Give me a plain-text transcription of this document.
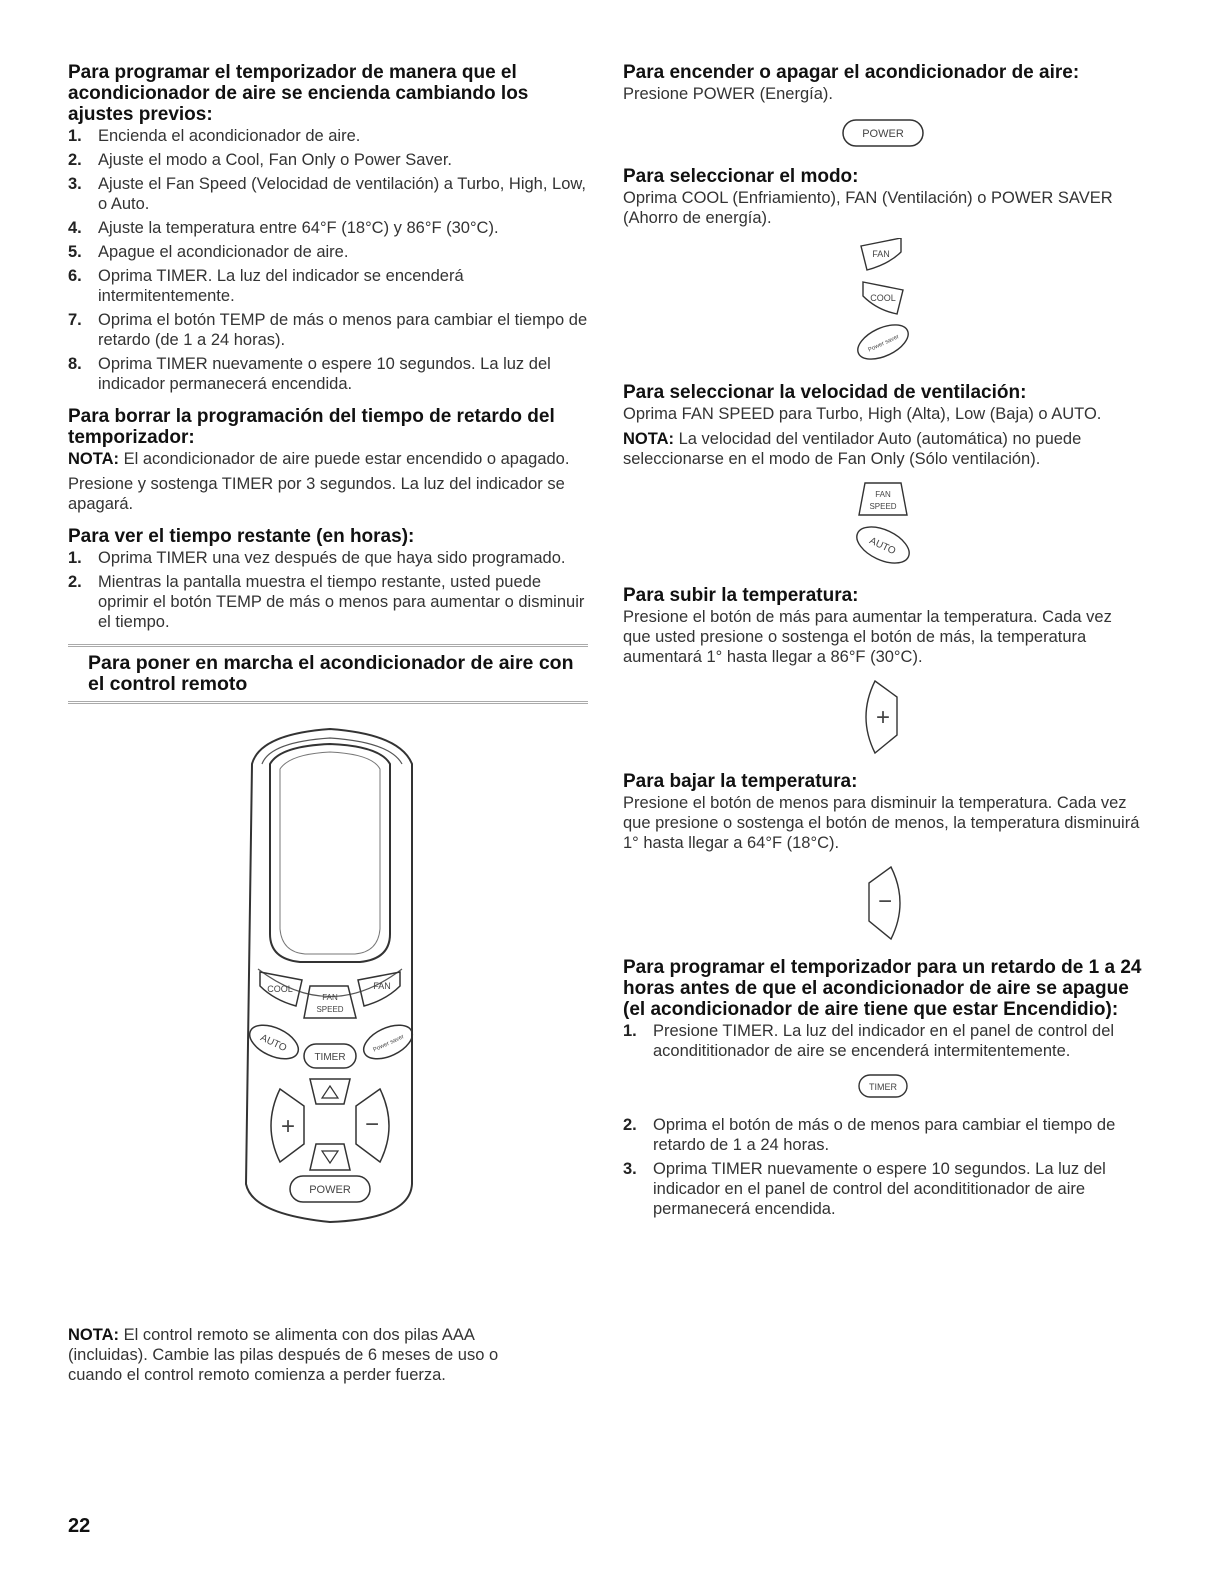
Para programar el temporizador de manera que el acondicionador de aire se encienda cambiando los ajustes previos:
1. Encienda el acondicionador de aire.
2. Ajuste el modo a Cool, Fan Only o Power Saver.
3. Ajuste el Fan Speed (Velocidad de ventilación) a Turbo, High, Low, o Auto.
4. Ajuste la temperatura entre 64°F (18°C) y 86°F (30°C).
5. Apague el acondicionador de aire.
6. Oprima TIMER. La luz del indicador se encenderá intermitentemente.
7. Oprima el botón TEMP de más o menos para cambiar el tiempo de retardo (de 1 a 24 horas).
8. Oprima TIMER nuevamente o espere 10 segundos. La luz del indicador permanecerá encendida.
Para borrar la programación del tiempo de retardo del temporizador:

NOTA: El acondicionador de aire puede estar encendido o apagado.

Presione y sostenga TIMER por 3 segundos. La luz del indicador se apagará.

Para ver el tiempo restante (en horas):
1. Oprima TIMER una vez después de que haya sido programado.
2. Mientras la pantalla muestra el tiempo restante, usted puede oprimir el botón TEMP de más o menos para aumentar o disminuir el tiempo.
Para poner en marcha el acondicionador de aire con el control remoto
COOL
FAN
SPEED
FAN
AUTO
TIMER
Power saver
+	−
POWER

NOTA: El control remoto se alimenta con dos pilas AAA (incluidas). Cambie las pilas después de 6 meses de uso o cuando el control remoto comienza a perder fuerza.

Para encender o apagar el acondicionador de aire:

Presione POWER (Energía).

POWER
Para seleccionar el modo:

Oprima COOL (Enfriamiento), FAN (Ventilación) o POWER SAVER (Ahorro de energía).

FAN
COOL
Power saver
Para seleccionar la velocidad de ventilación:

Oprima FAN SPEED para Turbo, High (Alta), Low (Baja) o AUTO.

NOTA: La velocidad del ventilador Auto (automática) no puede seleccionarse en el modo de Fan Only (Sólo ventilación).

FAN
SPEED
AUTO
Para subir la temperatura:

Presione el botón de más para aumentar la temperatura. Cada vez que usted presione o sostenga el botón de más, la temperatura aumentará 1° hasta llegar a 86°F (30°C).

+
Para bajar la temperatura:

Presione el botón de menos para disminuir la temperatura. Cada vez que presione o sostenga el botón de menos, la temperatura disminuirá 1° hasta llegar a 64°F (18°C).

−
Para programar el temporizador para un retardo de 1 a 24 horas antes de que el acondicionador de aire se apague (el acondicionador de aire tiene que estar Encendidio):
1. Presione TIMER. La luz del indicador en el panel de control del acondititionador de aire se encenderá intermitentemente.
TIMER
2. Oprima el botón de más o de menos para cambiar el tiempo de retardo de 1 a 24 horas.
3. Oprima TIMER nuevamente o espere 10 segundos. La luz del indicador en el panel de control del acondititionador de aire permanecerá encendida.
22
